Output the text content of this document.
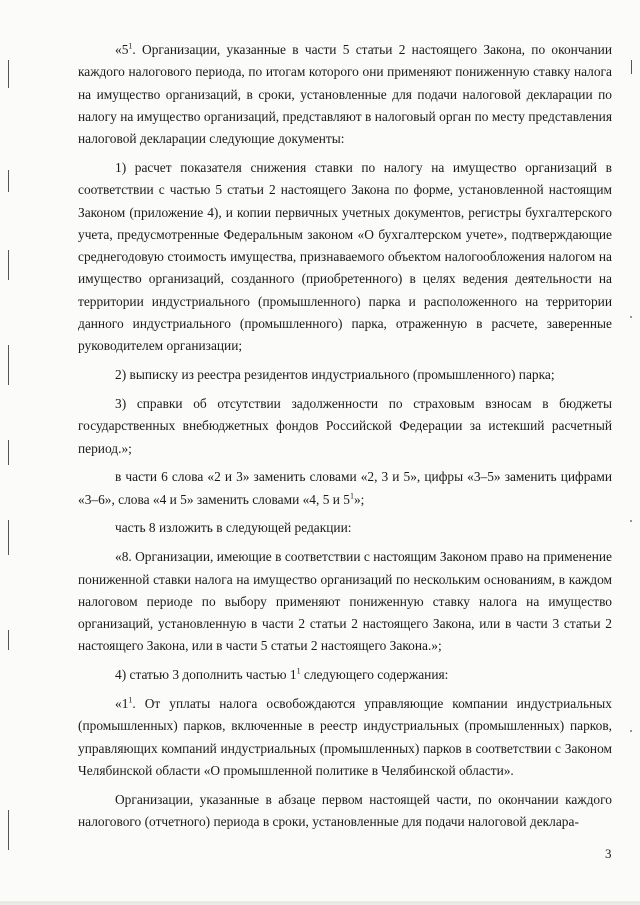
«$5^1$. Организации, указанные в части 5 статьи 2 настоящего Закона, по окончании каждого налогового периода, по итогам которого они применяют пониженную ставку налога на имущество организаций, в сроки, установленные для подачи налоговой декларации по налогу на имущество организаций, представляют в налоговый орган по месту представления налоговой декларации следующие документы:

1) расчет показателя снижения ставки по налогу на имущество организаций в соответствии с частью 5 статьи 2 настоящего Закона по форме, установленной настоящим Законом (приложение 4), и копии первичных учетных документов, регистры бухгалтерского учета, предусмотренные Федеральным законом «О бухгалтерском учете», подтверждающие среднегодовую стоимость имущества, признаваемого объектом налогообложения налогом на имущество организаций, созданного (приобретенного) в целях ведения деятельности на территории индустриального (промышленного) парка и расположенного на территории данного индустриального (промышленного) парка, отраженную в расчете, заверенные руководителем организации;

2) выписку из реестра резидентов индустриального (промышленного) парка;

3) справки об отсутствии задолженности по страховым взносам в бюджеты государственных внебюджетных фондов Российской Федерации за истекший расчетный период.»;

в части 6 слова «2 и 3» заменить словами «2, 3 и 5», цифры «3–5» заменить цифрами «3–6», слова «4 и 5» заменить словами «4, 5 и $5^1$»;

часть 8 изложить в следующей редакции:

«8. Организации, имеющие в соответствии с настоящим Законом право на применение пониженной ставки налога на имущество организаций по нескольким основаниям, в каждом налоговом периоде по выбору применяют пониженную ставку налога на имущество организаций, установленную в части 2 статьи 2 настоящего Закона, или в части 3 статьи 2 настоящего Закона, или в части 5 статьи 2 настоящего Закона.»;

4) статью 3 дополнить частью $1^1$ следующего содержания:

«$1^1$. От уплаты налога освобождаются управляющие компании индустриальных (промышленных) парков, включенные в реестр индустриальных (промышленных) парков, управляющих компаний индустриальных (промышленных) парков в соответствии с Законом Челябинской области «О промышленной политике в Челябинской области».

Организации, указанные в абзаце первом настоящей части, по окончании каждого налогового (отчетного) периода в сроки, установленные для подачи налоговой деклара-

3
